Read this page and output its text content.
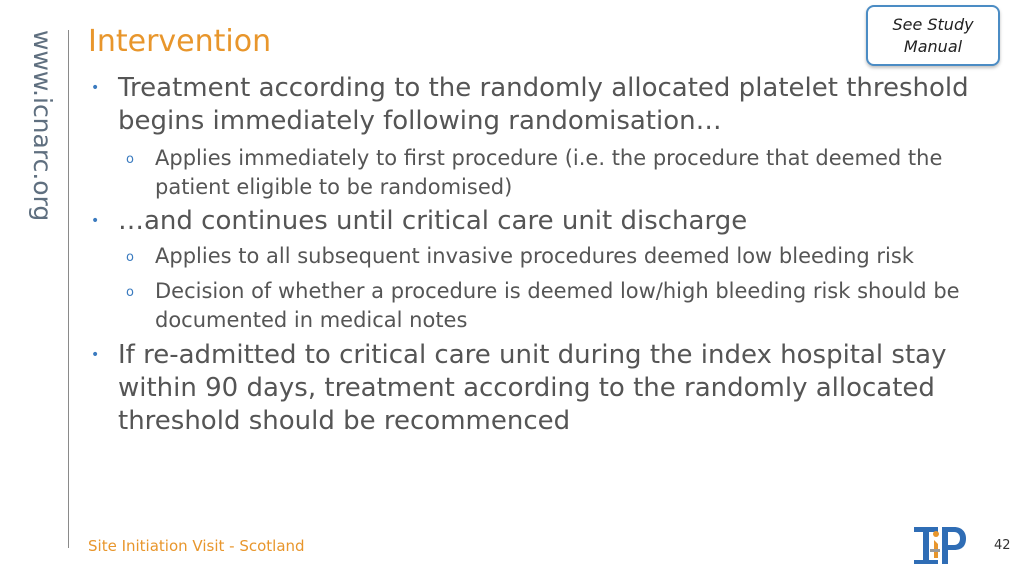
www.icnarc.org Intervention	See Study
Manual
• Treatment according to the randomly allocated platelet threshold begins immediately following randomisation…
o Applies immediately to first procedure (i.e. the procedure that deemed the patient eligible to be randomised)
• …and continues until critical care unit discharge
o Applies to all subsequent invasive procedures deemed low bleeding risk
o Decision of whether a procedure is deemed low/high bleeding risk should be documented in medical notes
• If re-admitted to critical care unit during the index hospital stay within 90 days, treatment according to the randomly allocated threshold should be recommenced
Site Initiation Visit - Scotland	42
